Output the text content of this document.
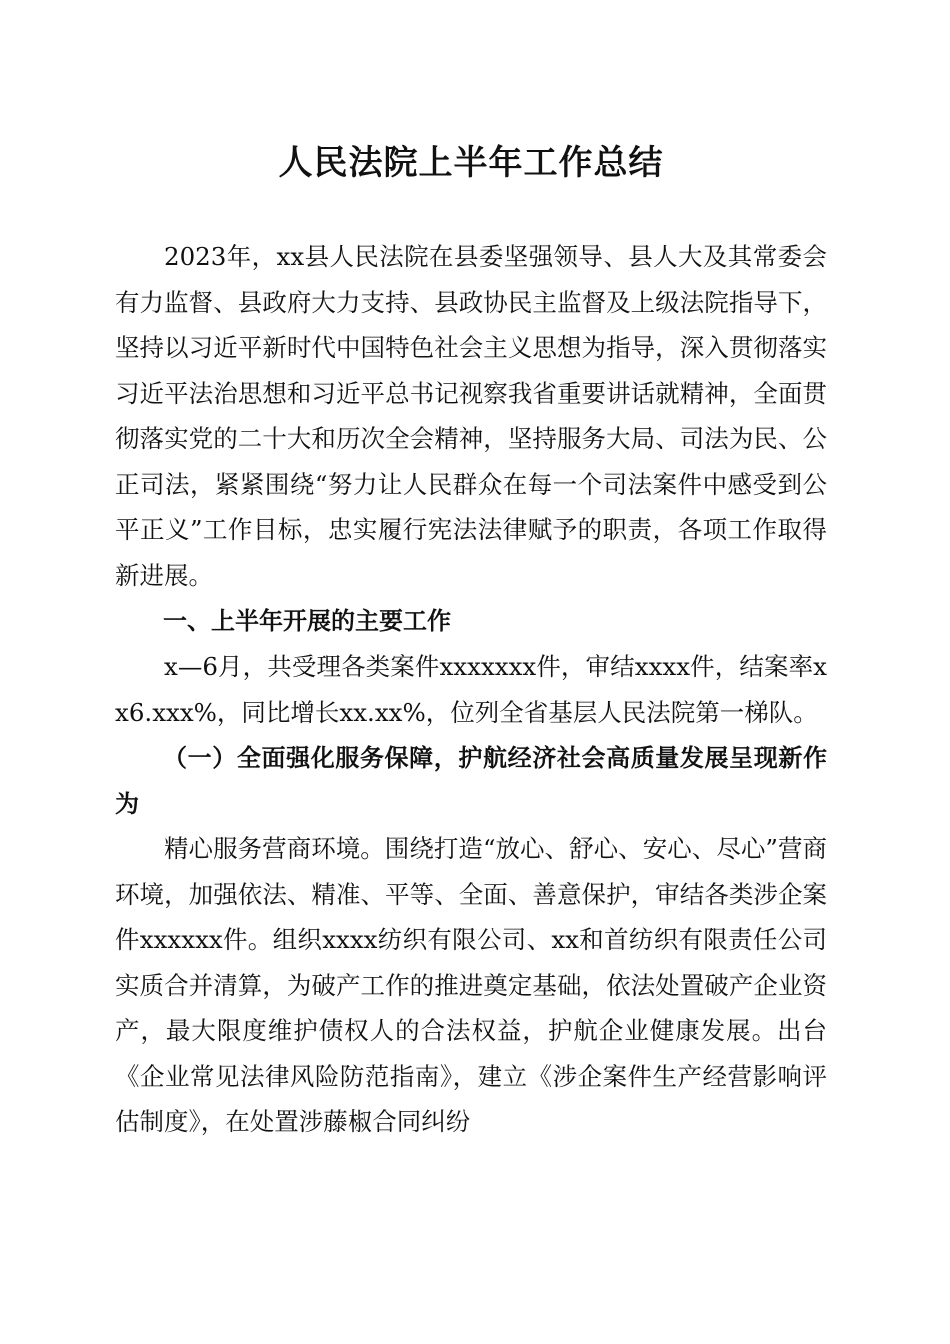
人民法院上半年工作总结

2023年，xx县人民法院在县委坚强领导、县人大及其常委会有力监督、县政府大力支持、县政协民主监督及上级法院指导下，坚持以习近平新时代中国特色社会主义思想为指导，深入贯彻落实习近平法治思想和习近平总书记视察我省重要讲话就精神，全面贯彻落实党的二十大和历次全会精神，坚持服务大局、司法为民、公正司法，紧紧围绕“努力让人民群众在每一个司法案件中感受到公平正义”工作目标，忠实履行宪法法律赋予的职责，各项工作取得新进展。

一、上半年开展的主要工作

x—6月，共受理各类案件xxxxxxx件，审结xxxx件，结案率xx6.xxx%，同比增长xx.xx%，位列全省基层人民法院第一梯队。

（一）全面强化服务保障，护航经济社会高质量发展呈现新作为

精心服务营商环境。围绕打造“放心、舒心、安心、尽心”营商环境，加强依法、精准、平等、全面、善意保护，审结各类涉企案件xxxxxx件。组织xxxx纺织有限公司、xx和首纺织有限责任公司实质合并清算，为破产工作的推进奠定基础，依法处置破产企业资产，最大限度维护债权人的合法权益，护航企业健康发展。出台《企业常见法律风险防范指南》，建立《涉企案件生产经营影响评估制度》，在处置涉藤椒合同纠纷
